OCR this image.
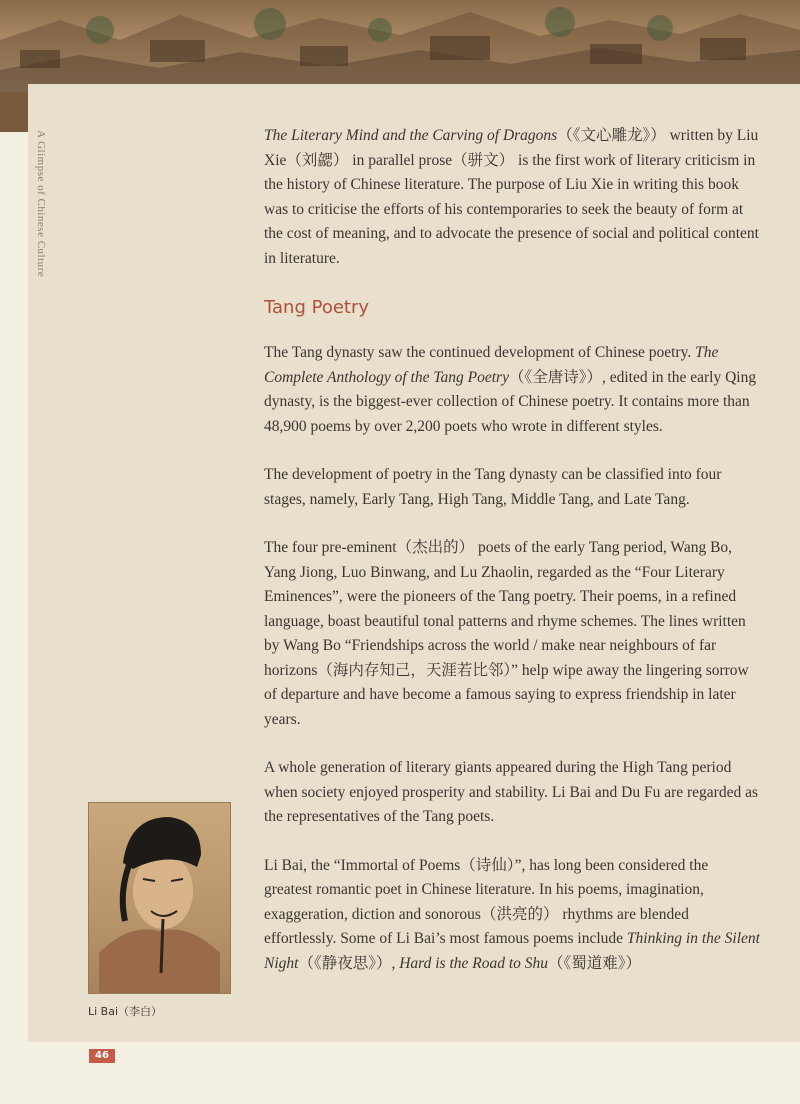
A Glimpse of Chinese Culture	The Literary Mind and the Carving of Dragons（《文心雕龙》） written by Liu Xie（刘勰） in parallel prose（骈文） is the first work of literary criticism in the history of Chinese literature. The purpose of Liu Xie in writing this book was to criticise the efforts of his contemporaries to seek the beauty of form at the cost of meaning, and to advocate the presence of social and political content in literature.

Tang Poetry

The Tang dynasty saw the continued development of Chinese poetry. The Complete Anthology of the Tang Poetry（《全唐诗》）, edited in the early Qing dynasty, is the biggest-ever collection of Chinese poetry. It contains more than 48,900 poems by over 2,200 poets who wrote in different styles.

The development of poetry in the Tang dynasty can be classified into four stages, namely, Early Tang, High Tang, Middle Tang, and Late Tang.

The four pre-eminent（杰出的） poets of the early Tang period, Wang Bo, Yang Jiong, Luo Binwang, and Lu Zhaolin, regarded as the “Four Literary Eminences”, were the pioneers of the Tang poetry. Their poems, in a refined language, boast beautiful tonal patterns and rhyme schemes. The lines written by Wang Bo “Friendships across the world / make near neighbours of far horizons（海内存知己，天涯若比邻）” help wipe away the lingering sorrow of departure and have become a famous saying to express friendship in later years.

A whole generation of literary giants appeared during the High Tang period when society enjoyed prosperity and stability. Li Bai and Du Fu are regarded as the representatives of the Tang poets.

Li Bai, the “Immortal of Poems（诗仙）”, has long been considered the greatest romantic poet in Chinese literature. In his poems, imagination, exaggeration, diction and sonorous（洪亮的） rhythms are blended effortlessly. Some of Li Bai’s most famous poems include Thinking in the Silent Night（《静夜思》）, Hard is the Road to Shu（《蜀道难》）

Li Bai（李白）
46
